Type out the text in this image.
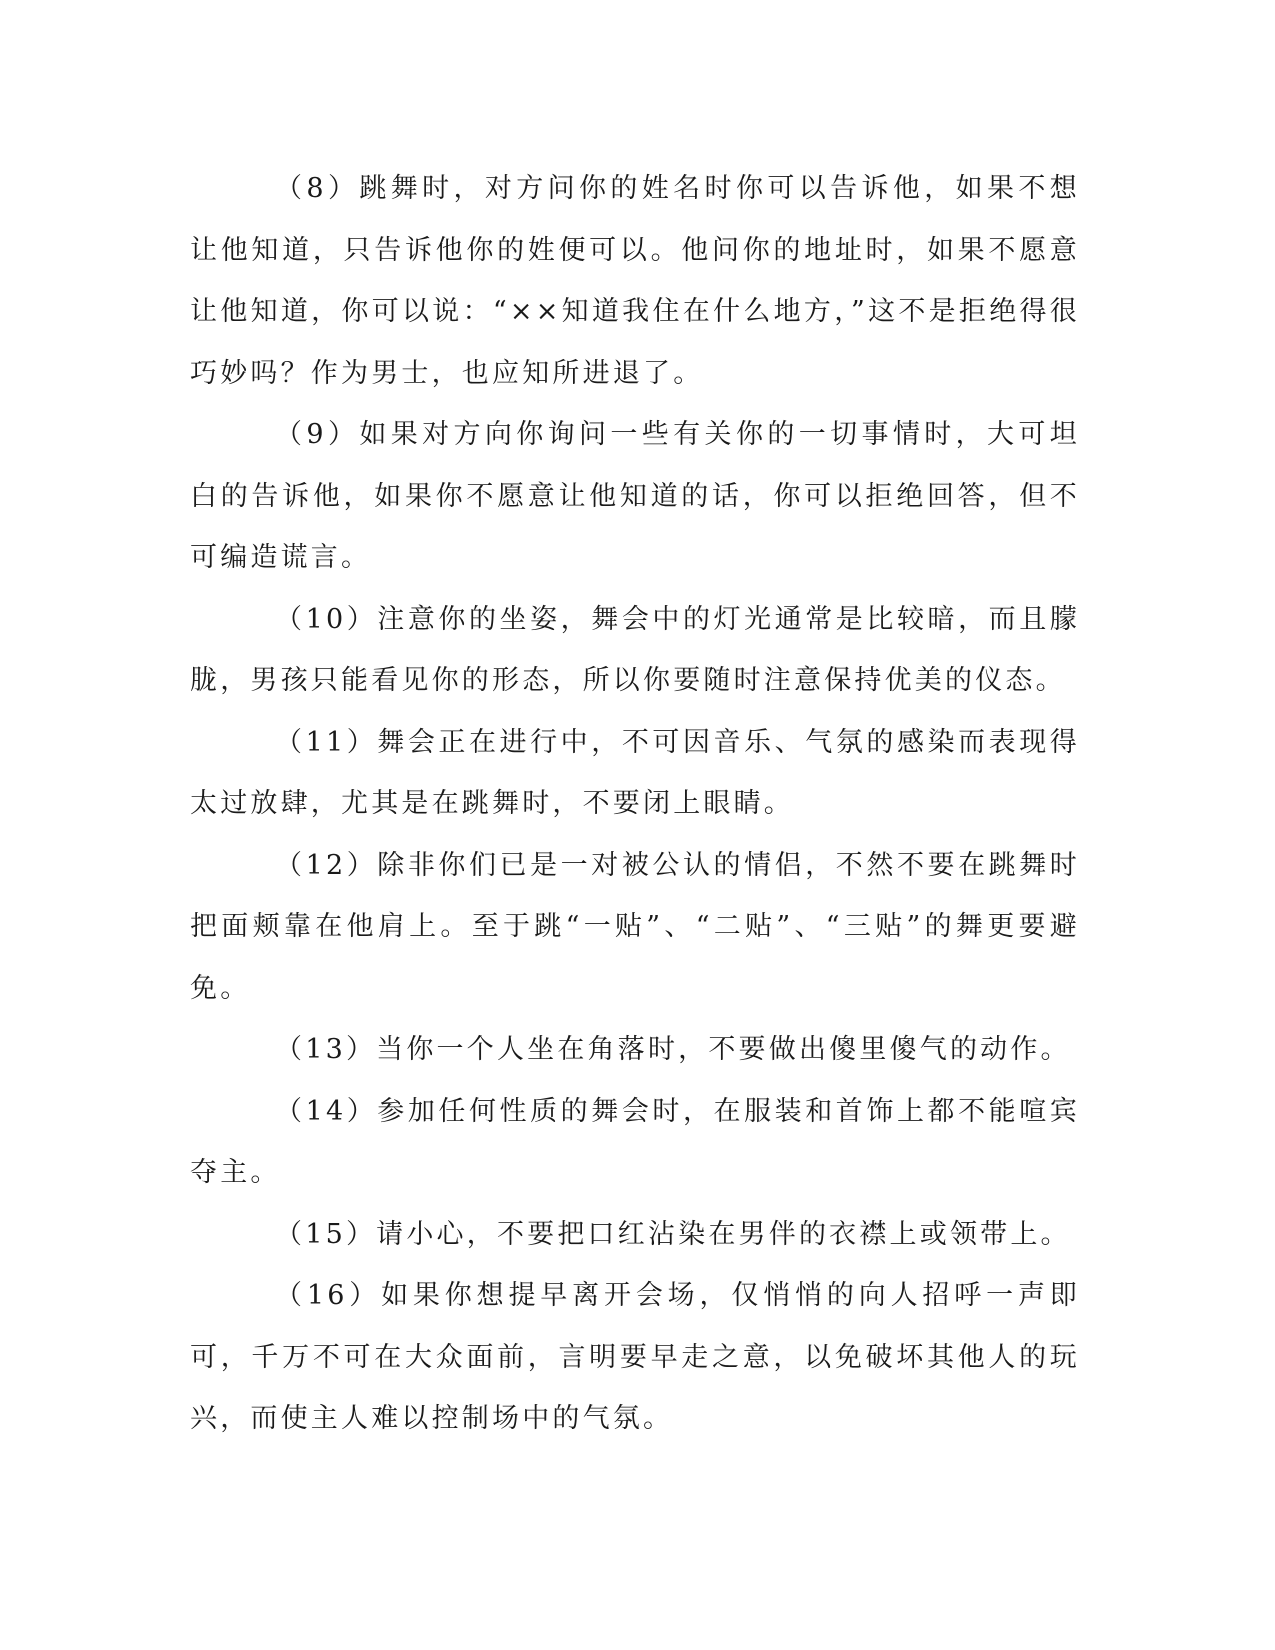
（8）跳舞时，对方问你的姓名时你可以告诉他，如果不想让他知道，只告诉他你的姓便可以。他问你的地址时，如果不愿意让他知道，你可以说：“××知道我住在什么地方，”这不是拒绝得很巧妙吗？作为男士，也应知所进退了。

（9）如果对方向你询问一些有关你的一切事情时，大可坦白的告诉他，如果你不愿意让他知道的话，你可以拒绝回答，但不可编造谎言。

（10）注意你的坐姿，舞会中的灯光通常是比较暗，而且朦胧，男孩只能看见你的形态，所以你要随时注意保持优美的仪态。

（11）舞会正在进行中，不可因音乐、气氛的感染而表现得太过放肆，尤其是在跳舞时，不要闭上眼睛。

（12）除非你们已是一对被公认的情侣，不然不要在跳舞时把面颊靠在他肩上。至于跳“一贴”、“二贴”、“三贴”的舞更要避免。

（13）当你一个人坐在角落时，不要做出傻里傻气的动作。

（14）参加任何性质的舞会时，在服装和首饰上都不能喧宾夺主。

（15）请小心，不要把口红沾染在男伴的衣襟上或领带上。

（16）如果你想提早离开会场，仅悄悄的向人招呼一声即可，千万不可在大众面前，言明要早走之意，以免破坏其他人的玩兴，而使主人难以控制场中的气氛。
